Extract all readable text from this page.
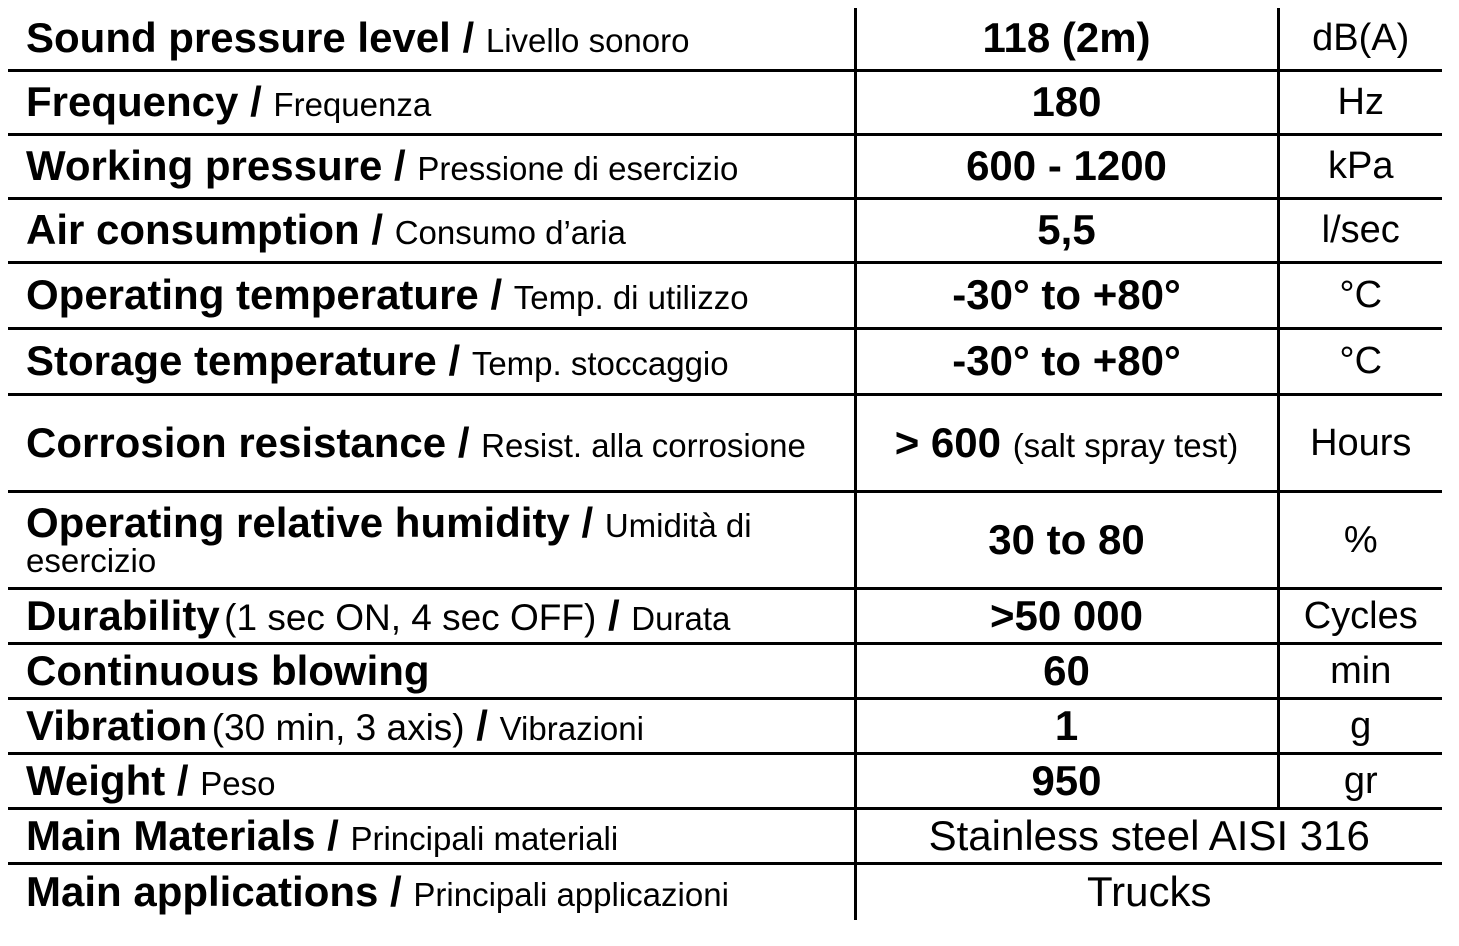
Sound pressure level / Livello sonoro	118 (2m)	dB(A)
Frequency / Frequenza	180	Hz
Working pressure / Pressione di esercizio	600 - 1200	kPa
Air consumption / Consumo d’aria	5,5	l/sec
Operating temperature / Temp. di utilizzo	-30° to +80°	°C
Storage temperature / Temp. stoccaggio	-30° to +80°	°C
Corrosion resistance / Resist. alla corrosione	> 600 (salt spray test)	Hours
Operating relative humidity / Umidità di esercizio	30 to 80	%
Durability (1 sec ON, 4 sec OFF) / Durata	>50 000	Cycles
Continuous blowing	60	min
Vibration (30 min, 3 axis) / Vibrazioni	1	g
Weight / Peso	950	gr
Main Materials / Principali materiali	Stainless steel AISI 316	
Main applications / Principali applicazioni	Trucks	
